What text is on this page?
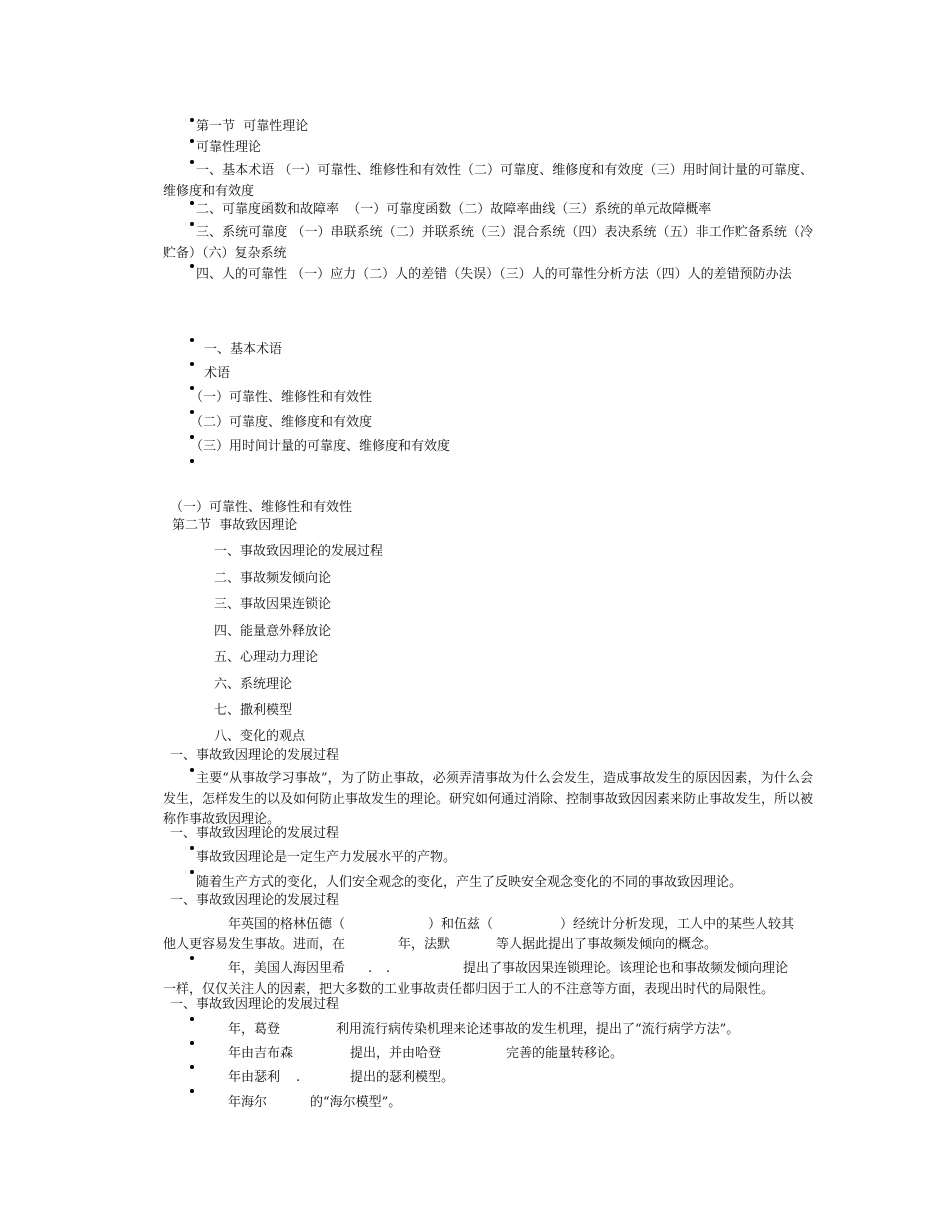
第一节  可靠性理论
可靠性理论
一、基本术语 （一）可靠性、维修性和有效性（二）可靠度、维修度和有效度（三）用时间计量的可靠度、维修度和有效度
二、可靠度函数和故障率  （一）可靠度函数（二）故障率曲线（三）系统的单元故障概率
三、系统可靠度 （一）串联系统（二）并联系统（三）混合系统（四）表决系统（五）非工作贮备系统（冷贮备）（六）复杂系统
四、人的可靠性 （一）应力（二）人的差错（失误）（三）人的可靠性分析方法（四）人的差错预防办法
一、基本术语
术语
（一）可靠性、维修性和有效性
（二）可靠度、维修度和有效度
（三）用时间计量的可靠度、维修度和有效度
（一）可靠性、维修性和有效性
第二节  事故致因理论
一、事故致因理论的发展过程
二、事故频发倾向论
三、事故因果连锁论
四、能量意外释放论
五、心理动力理论
六、系统理论
七、撒利模型
八、变化的观点
一、事故致因理论的发展过程
主要“从事故学习事故”，为了防止事故，必须弄清事故为什么会发生，造成事故发生的原因因素，为什么会发生，怎样发生的以及如何防止事故发生的理论。研究如何通过消除、控制事故致因因素来防止事故发生，所以被称作事故致因理论。
一、事故致因理论的发展过程
事故致因理论是一定生产力发展水平的产物。
随着生产方式的变化，人们安全观念的变化，产生了反映安全观念变化的不同的事故致因理论。
一、事故致因理论的发展过程
年英国的格林伍德（	）和伍兹（	）经统计分析发现，工人中的某些人较其
他人更容易发生事故。进而，在	年，法默	等人据此提出了事故频发倾向的概念。
年，美国人海因里希 . .	提出了事故因果连锁理论。该理论也和事故频发倾向理论
一样，仅仅关注人的因素，把大多数的工业事故责任都归因于工人的不注意等方面，表现出时代的局限性。
一、事故致因理论的发展过程
年，葛登	利用流行病传染机理来论述事故的发生机理，提出了“流行病学方法”。
年由吉布森	提出，并由哈登	完善的能量转移论。
年由瑟利 .	提出的瑟利模型。
年海尔	的“海尔模型”。
